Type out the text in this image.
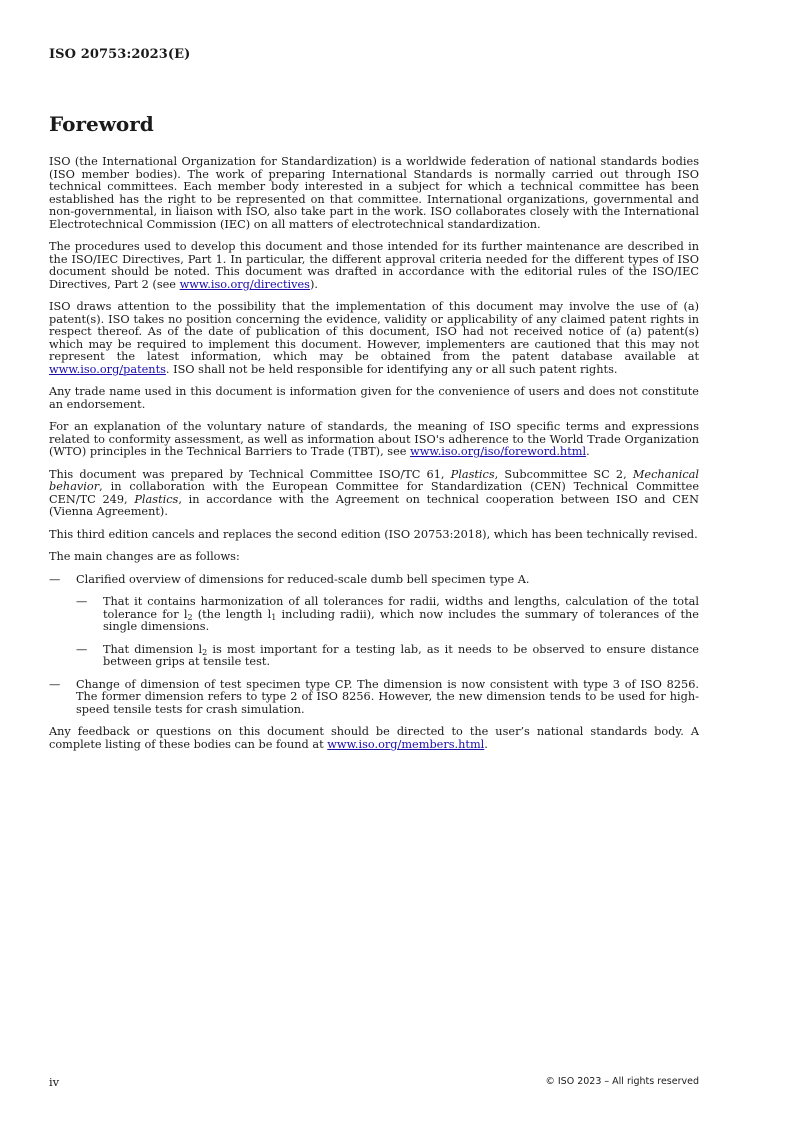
ISO 20753:2023(E)
Foreword

ISO (the International Organization for Standardization) is a worldwide federation of national standards bodies (ISO member bodies). The work of preparing International Standards is normally carried out through ISO technical committees. Each member body interested in a subject for which a technical committee has been established has the right to be represented on that committee. International organizations, governmental and non-governmental, in liaison with ISO, also take part in the work. ISO collaborates closely with the International Electrotechnical Commission (IEC) on all matters of electrotechnical standardization.

The procedures used to develop this document and those intended for its further maintenance are described in the ISO/IEC Directives, Part 1. In particular, the different approval criteria needed for the different types of ISO document should be noted. This document was drafted in accordance with the editorial rules of the ISO/IEC Directives, Part 2 (see www.iso.org/directives).

ISO draws attention to the possibility that the implementation of this document may involve the use of (a) patent(s). ISO takes no position concerning the evidence, validity or applicability of any claimed patent rights in respect thereof. As of the date of publication of this document, ISO had not received notice of (a) patent(s) which may be required to implement this document. However, implementers are cautioned that this may not represent the latest information, which may be obtained from the patent database available at www.iso.org/patents. ISO shall not be held responsible for identifying any or all such patent rights.

Any trade name used in this document is information given for the convenience of users and does not constitute an endorsement.

For an explanation of the voluntary nature of standards, the meaning of ISO specific terms and expressions related to conformity assessment, as well as information about ISO's adherence to the World Trade Organization (WTO) principles in the Technical Barriers to Trade (TBT), see www.iso.org/iso/foreword.html.

This document was prepared by Technical Committee ISO/TC 61, Plastics, Subcommittee SC 2, Mechanical behavior, in collaboration with the European Committee for Standardization (CEN) Technical Committee CEN/TC 249, Plastics, in accordance with the Agreement on technical cooperation between ISO and CEN (Vienna Agreement).

This third edition cancels and replaces the second edition (ISO 20753:2018), which has been technically revised.

The main changes are as follows:

— Clarified overview of dimensions for reduced-scale dumb bell specimen type A.
— That it contains harmonization of all tolerances for radii, widths and lengths, calculation of the total tolerance for $l_2$ (the length $l_1$ including radii), which now includes the summary of tolerances of the single dimensions.
— That dimension $l_2$ is most important for a testing lab, as it needs to be observed to ensure distance between grips at tensile test.
— Change of dimension of test specimen type CP. The dimension is now consistent with type 3 of ISO 8256. The former dimension refers to type 2 of ISO 8256. However, the new dimension tends to be used for high-speed tensile tests for crash simulation.

Any feedback or questions on this document should be directed to the user’s national standards body. A complete listing of these bodies can be found at www.iso.org/members.html.

iv	© ISO 2023 – All rights reserved
